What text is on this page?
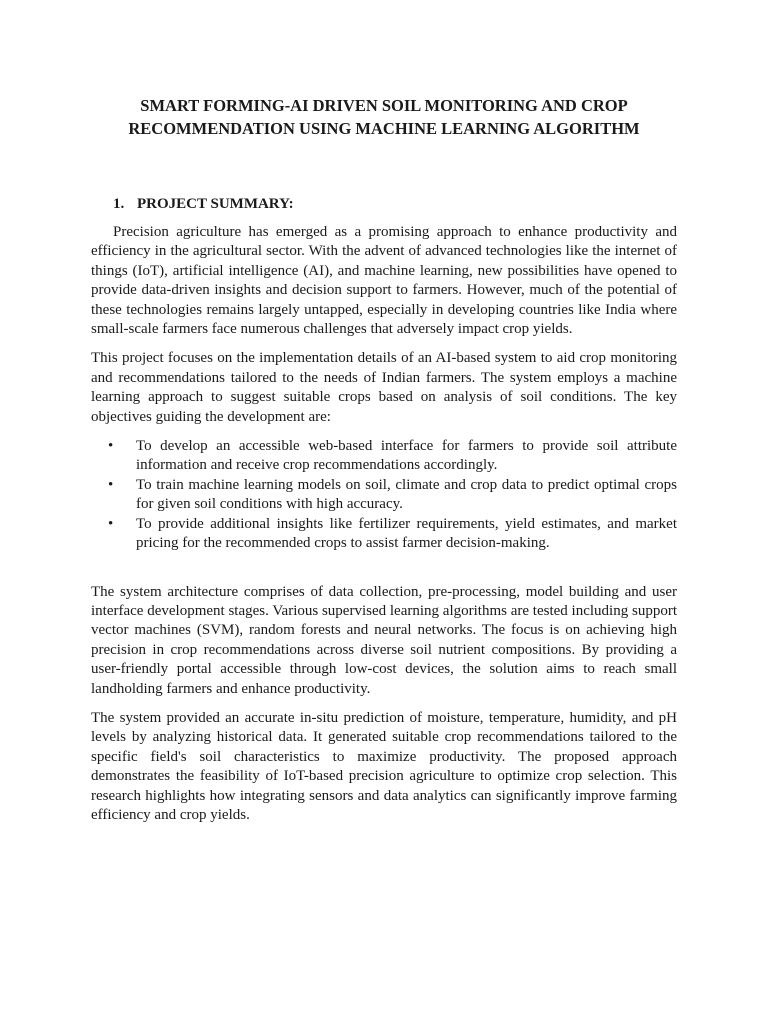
SMART FORMING-AI DRIVEN SOIL MONITORING AND CROP
RECOMMENDATION USING MACHINE LEARNING ALGORITHM
1. PROJECT SUMMARY:

Precision agriculture has emerged as a promising approach to enhance productivity and efficiency in the agricultural sector. With the advent of advanced technologies like the internet of things (IoT), artificial intelligence (AI), and machine learning, new possibilities have opened to provide data-driven insights and decision support to farmers. However, much of the potential of these technologies remains largely untapped, especially in developing countries like India where small-scale farmers face numerous challenges that adversely impact crop yields.

This project focuses on the implementation details of an AI-based system to aid crop monitoring and recommendations tailored to the needs of Indian farmers. The system employs a machine learning approach to suggest suitable crops based on analysis of soil conditions. The key objectives guiding the development are:

• To develop an accessible web-based interface for farmers to provide soil attribute information and receive crop recommendations accordingly.
• To train machine learning models on soil, climate and crop data to predict optimal crops for given soil conditions with high accuracy.
• To provide additional insights like fertilizer requirements, yield estimates, and market pricing for the recommended crops to assist farmer decision-making.

The system architecture comprises of data collection, pre-processing, model building and user interface development stages. Various supervised learning algorithms are tested including support vector machines (SVM), random forests and neural networks. The focus is on achieving high precision in crop recommendations across diverse soil nutrient compositions. By providing a user-friendly portal accessible through low-cost devices, the solution aims to reach small landholding farmers and enhance productivity.

The system provided an accurate in-situ prediction of moisture, temperature, humidity, and pH levels by analyzing historical data. It generated suitable crop recommendations tailored to the specific field's soil characteristics to maximize productivity. The proposed approach demonstrates the feasibility of IoT-based precision agriculture to optimize crop selection. This research highlights how integrating sensors and data analytics can significantly improve farming efficiency and crop yields.
